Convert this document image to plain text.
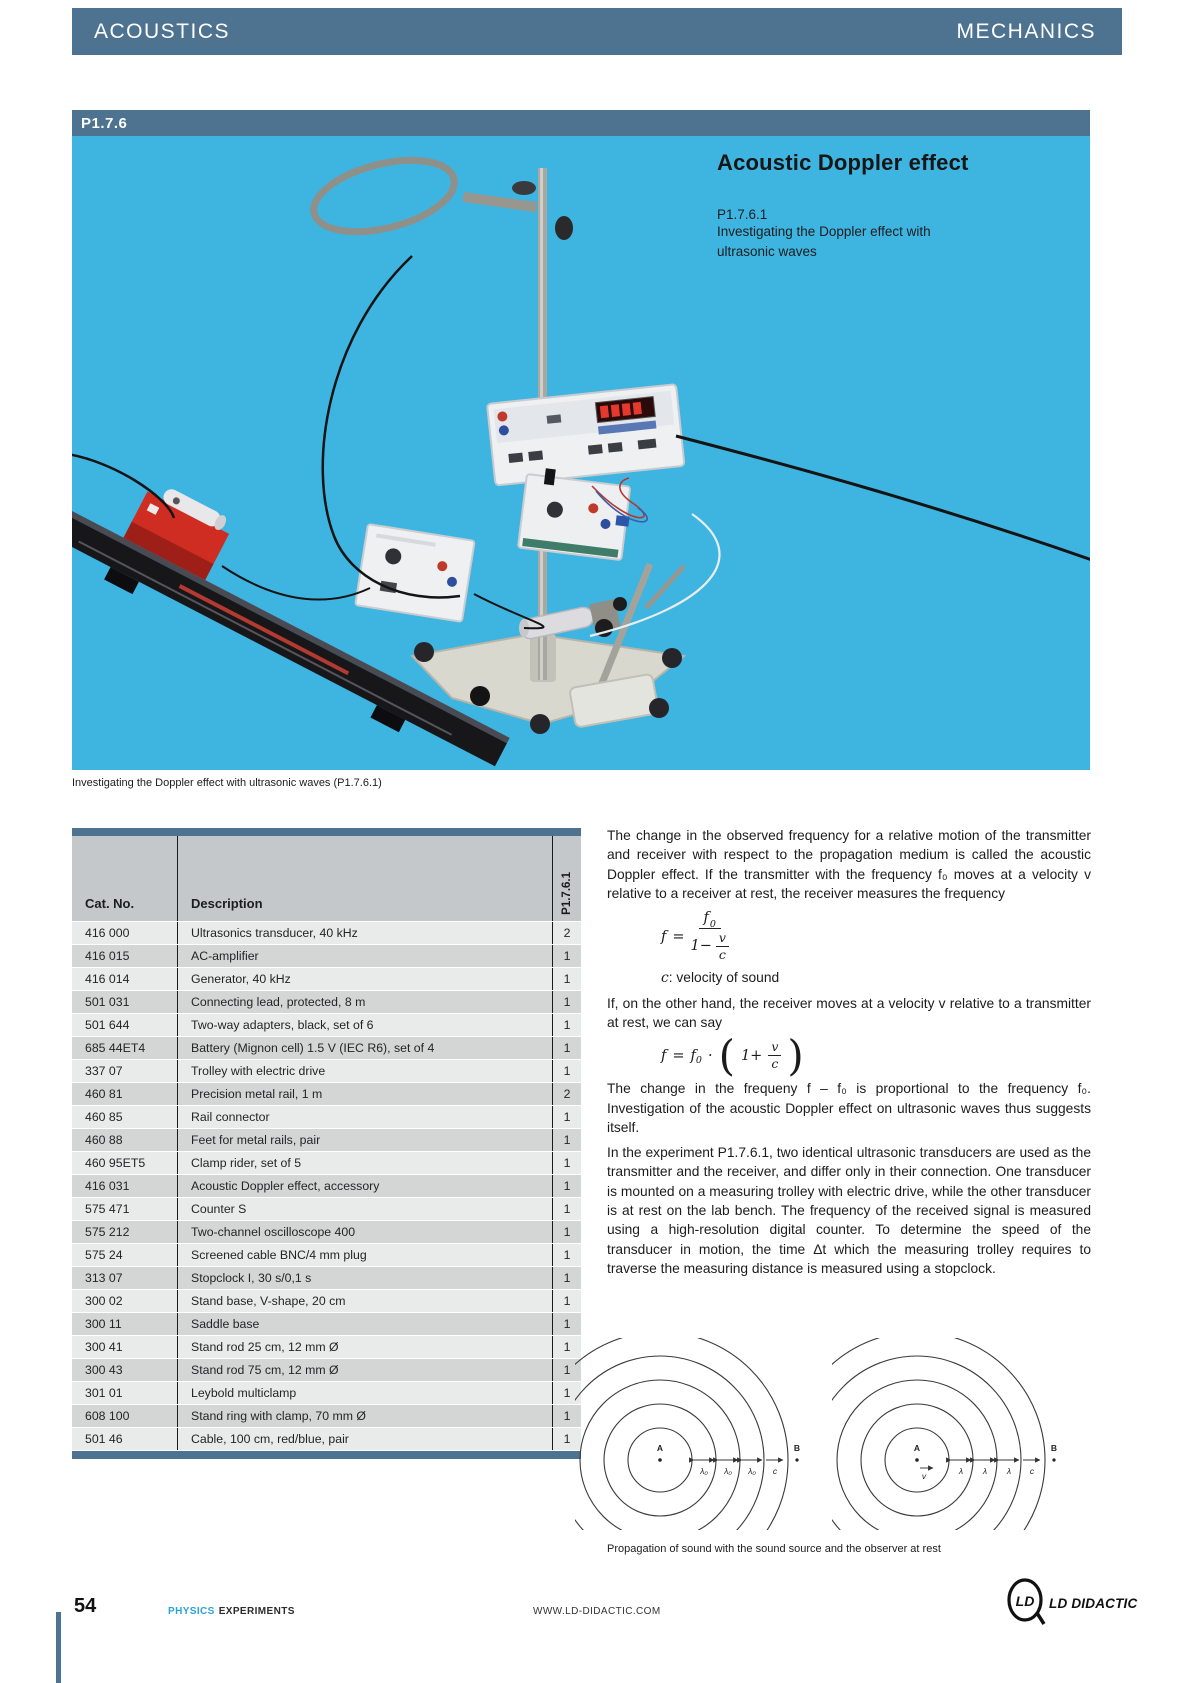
ACOUSTICS	MECHANICS
P1.7.6
Acoustic Doppler effect
P1.7.6.1
Investigating the Doppler effect with
ultrasonic waves
Investigating the Doppler effect with ultrasonic waves (P1.7.6.1)
Cat. No.	Description	P1.7.6.1
416 000	Ultrasonics transducer, 40 kHz	2
416 015	AC-amplifier	1
416 014	Generator, 40 kHz	1
501 031	Connecting lead, protected, 8 m	1
501 644	Two-way adapters, black, set of 6	1
685 44ET4	Battery (Mignon cell) 1.5 V (IEC R6), set of 4	1
337 07	Trolley with electric drive	1
460 81	Precision metal rail, 1 m	2
460 85	Rail connector	1
460 88	Feet for metal rails, pair	1
460 95ET5	Clamp rider, set of 5	1
416 031	Acoustic Doppler effect, accessory	1
575 471	Counter S	1
575 212	Two-channel oscilloscope 400	1
575 24	Screened cable BNC/4 mm plug	1
313 07	Stopclock I, 30 s/0,1 s	1
300 02	Stand base, V-shape, 20 cm	1
300 11	Saddle base	1
300 41	Stand rod 25 cm, 12 mm Ø	1
300 43	Stand rod 75 cm, 12 mm Ø	1
301 01	Leybold multiclamp	1
608 100	Stand ring with clamp, 70 mm Ø	1
501 46	Cable, 100 cm, red/blue, pair	1

The change in the observed frequency for a relative motion of the transmitter and receiver with respect to the propagation medium is called the acoustic Doppler effect. If the transmitter with the frequency f₀ moves at a velocity v relative to a receiver at rest, the receiver measures the frequency

$f = \frac{f 0}{1- \frac{v}{c}}$
c: velocity of sound

If, on the other hand, the receiver moves at a velocity v relative to a transmitter at rest, we can say

$f = f_0$ · ( $1+ \frac{v}{c}$ )

The change in the frequeny f – f₀ is proportional to the frequency f₀. Investigation of the acoustic Doppler effect on ultrasonic waves thus suggests itself.

In the experiment P1.7.6.1, two identical ultrasonic transducers are used as the transmitter and the receiver, and differ only in their connection. One transducer is mounted on a measuring trolley with electric drive, while the other transducer is at rest on the lab bench. The frequency of the received signal is measured using a high-resolution digital counter. To determine the speed of the transducer in motion, the time Δt which the measuring trolley requires to traverse the measuring distance is measured using a stopclock.

A
λ₀ λ₀ λ₀ c
B	A
v	λ λ λ c
B
Propagation of sound with the sound source and the observer at rest
54	PHYSICS EXPERIMENTS	WWW.LD-DIDACTIC.COM
LD LD DIDACTIC
